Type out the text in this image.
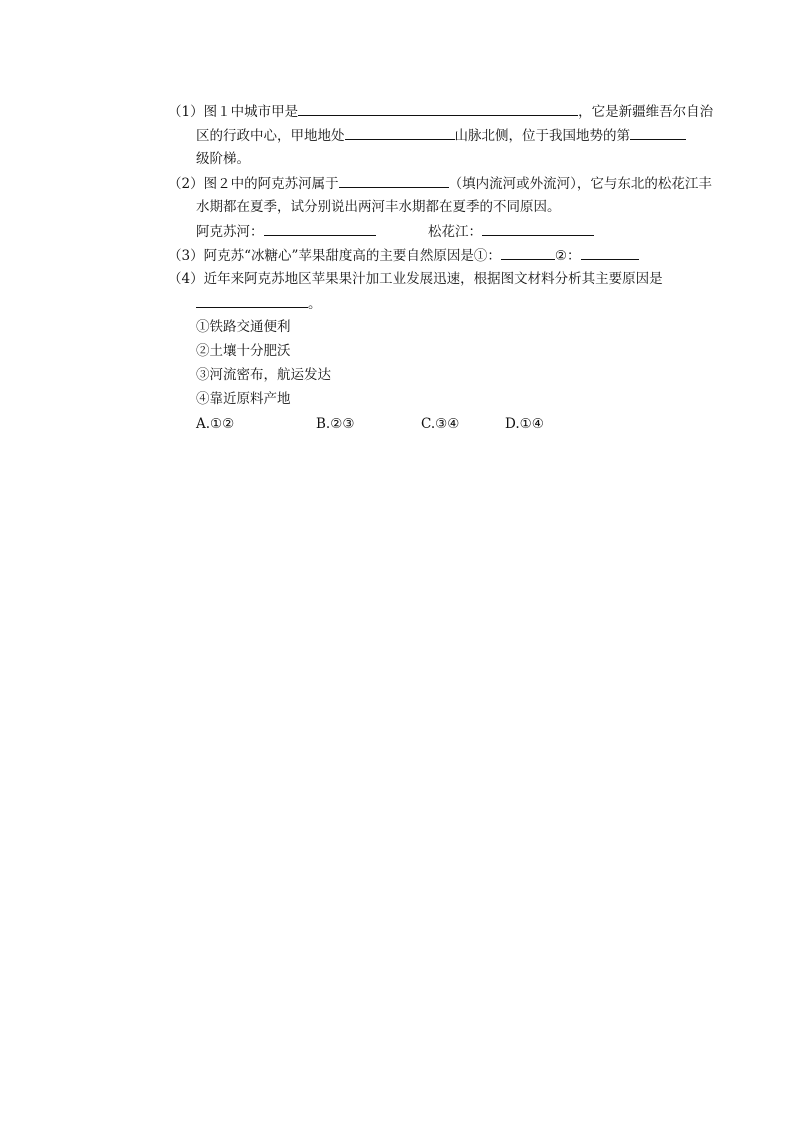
（1）图１中城市甲是	，它是新疆维吾尔自治
区的行政中心，甲地地处	山脉北侧，位于我国地势的第
级阶梯。
（2）图２中的阿克苏河属于	（填内流河或外流河），它与东北的松花江丰
水期都在夏季，试分别说出两河丰水期都在夏季的不同原因。
阿克苏河：	松花江：
（3）阿克苏“冰糖心”苹果甜度高的主要自然原因是①：	②：
（4）近年来阿克苏地区苹果果汁加工业发展迅速，根据图文材料分析其主要原因是
。
①铁路交通便利
②土壤十分肥沃
③河流密布，航运发达
④靠近原料产地
A.①②	B.②③	C.③④	D.①④
